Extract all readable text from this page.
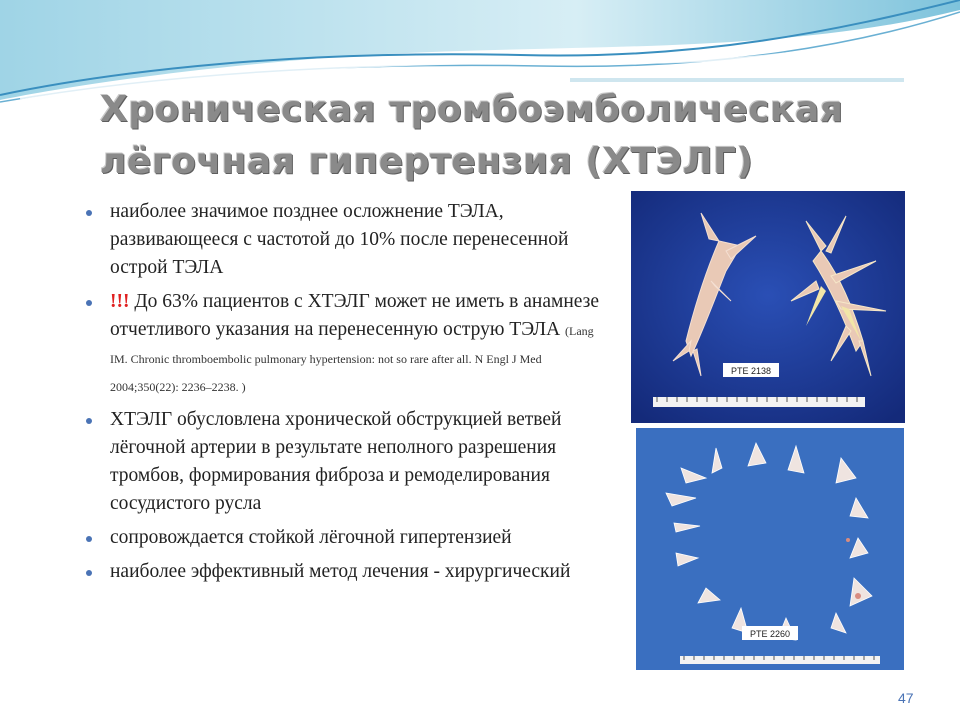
Хроническая тромбоэмболическая
лёгочная гипертензия (ХТЭЛГ)
наиболее значимое позднее осложнение ТЭЛА, развивающееся с частотой до 10% после перенесенной острой ТЭЛА
!!! До 63% пациентов с ХТЭЛГ может не иметь в анамнезе отчетливого указания на перенесенную острую ТЭЛА (Lang IM. Chronic thromboembolic pulmonary hypertension: not so rare after all. N Engl J Med 2004;350(22): 2236–2238. )
ХТЭЛГ обусловлена хронической обструкцией ветвей лёгочной артерии в результате неполного разрешения тромбов, формирования фиброза и ремоделирования сосудистого русла
сопровождается стойкой лёгочной гипертензией
наиболее эффективный метод лечения - хирургический
PTE 2138
PTE 2260
47
